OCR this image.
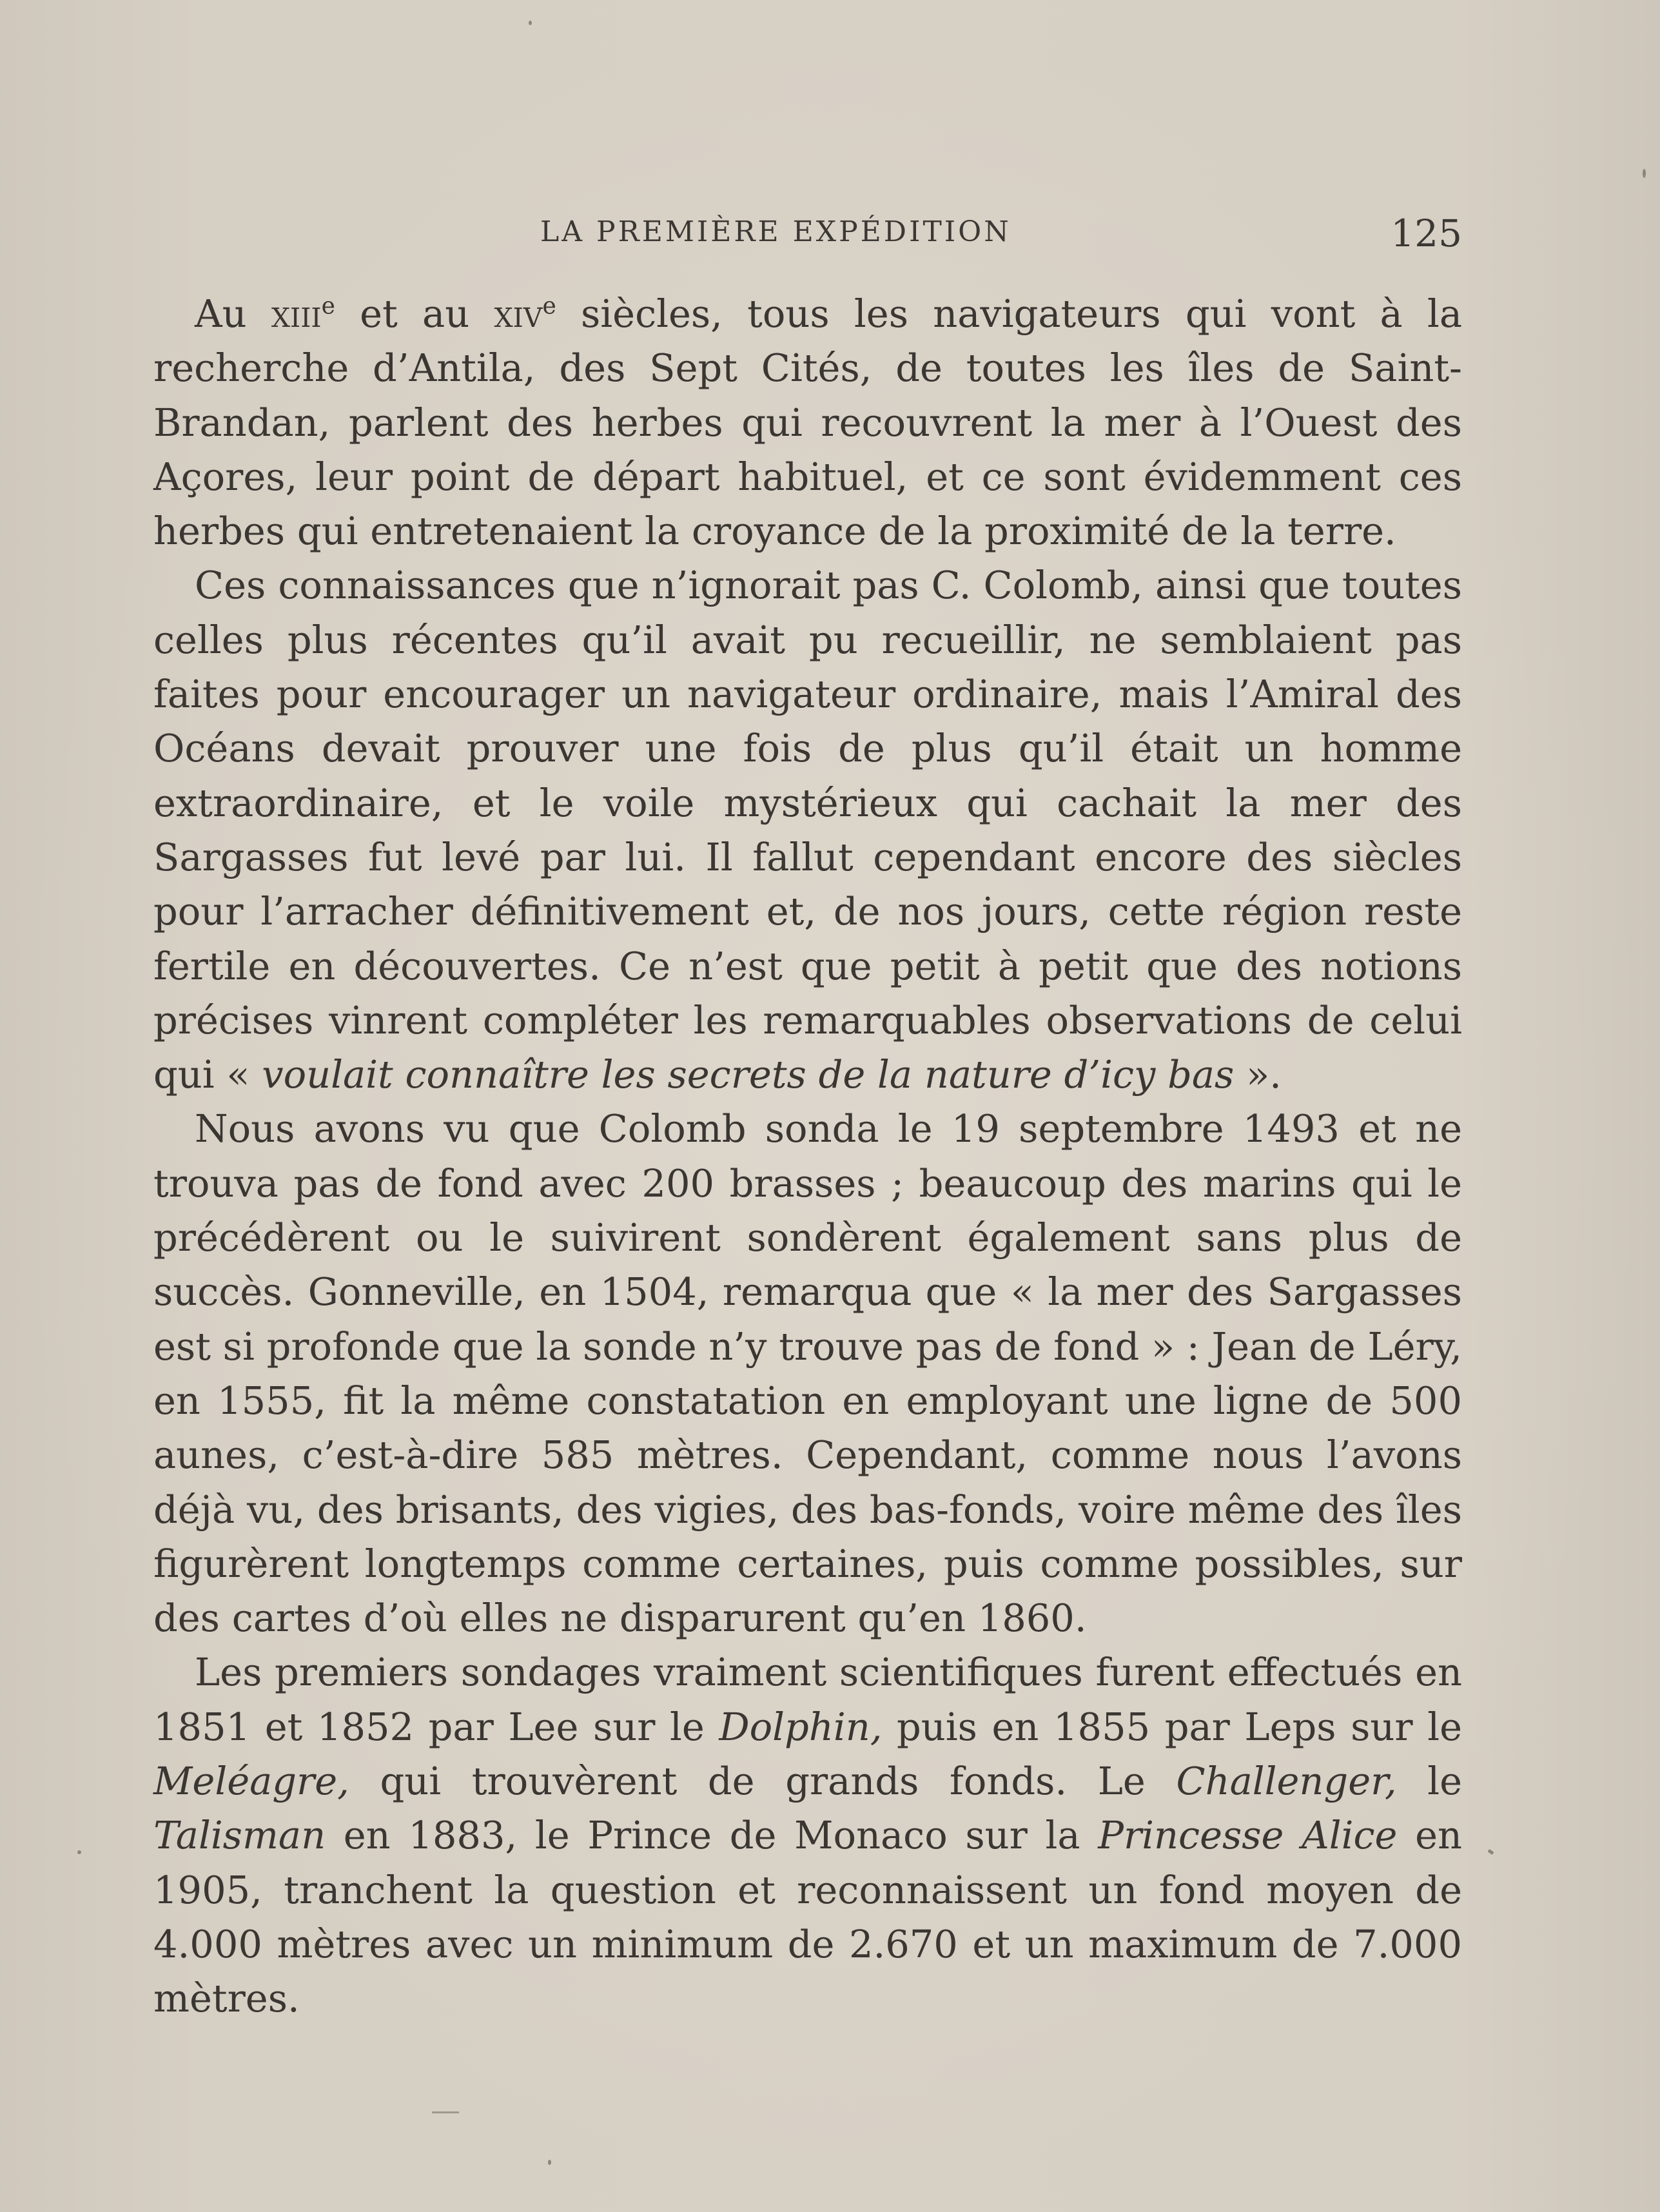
LA PREMIÈRE EXPÉDITION	125

Au xiii$^e$ et au xiv$^e$ siècles, tous les navigateurs qui vont à la recherche d’Antila, des Sept Cités, de toutes les îles de Saint-Brandan, parlent des herbes qui recouvrent la mer à l’Ouest des Açores, leur point de départ habituel, et ce sont évidemment ces herbes qui entretenaient la croyance de la proximité de la terre.

Ces connaissances que n’ignorait pas C. Colomb, ainsi que toutes celles plus récentes qu’il avait pu recueillir, ne semblaient pas faites pour encourager un navigateur ordinaire, mais l’Amiral des Océans devait prouver une fois de plus qu’il était un homme extraordinaire, et le voile mystérieux qui cachait la mer des Sargasses fut levé par lui. Il fallut cependant encore des siècles pour l’arracher définitivement et, de nos jours, cette région reste fertile en découvertes. Ce n’est que petit à petit que des notions précises vinrent compléter les remarquables observations de celui qui « voulait connaître les secrets de la nature d’icy bas ».

Nous avons vu que Colomb sonda le 19 septembre 1493 et ne trouva pas de fond avec 200 brasses ; beaucoup des marins qui le précédèrent ou le suivirent sondèrent également sans plus de succès. Gonneville, en 1504, remarqua que « la mer des Sargasses est si profonde que la sonde n’y trouve pas de fond » : Jean de Léry, en 1555, fit la même constatation en employant une ligne de 500 aunes, c’est-à-dire 585 mètres. Cependant, comme nous l’avons déjà vu, des brisants, des vigies, des bas-fonds, voire même des îles figurèrent longtemps comme certaines, puis comme possibles, sur des cartes d’où elles ne disparurent qu’en 1860.

Les premiers sondages vraiment scientifiques furent effectués en 1851 et 1852 par Lee sur le Dolphin, puis en 1855 par Leps sur le Meléagre, qui trouvèrent de grands fonds. Le Challenger, le Talisman en 1883, le Prince de Monaco sur la Princesse Alice en 1905, tranchent la question et reconnaissent un fond moyen de 4.000 mètres avec un minimum de 2.670 et un maximum de 7.000 mètres.
